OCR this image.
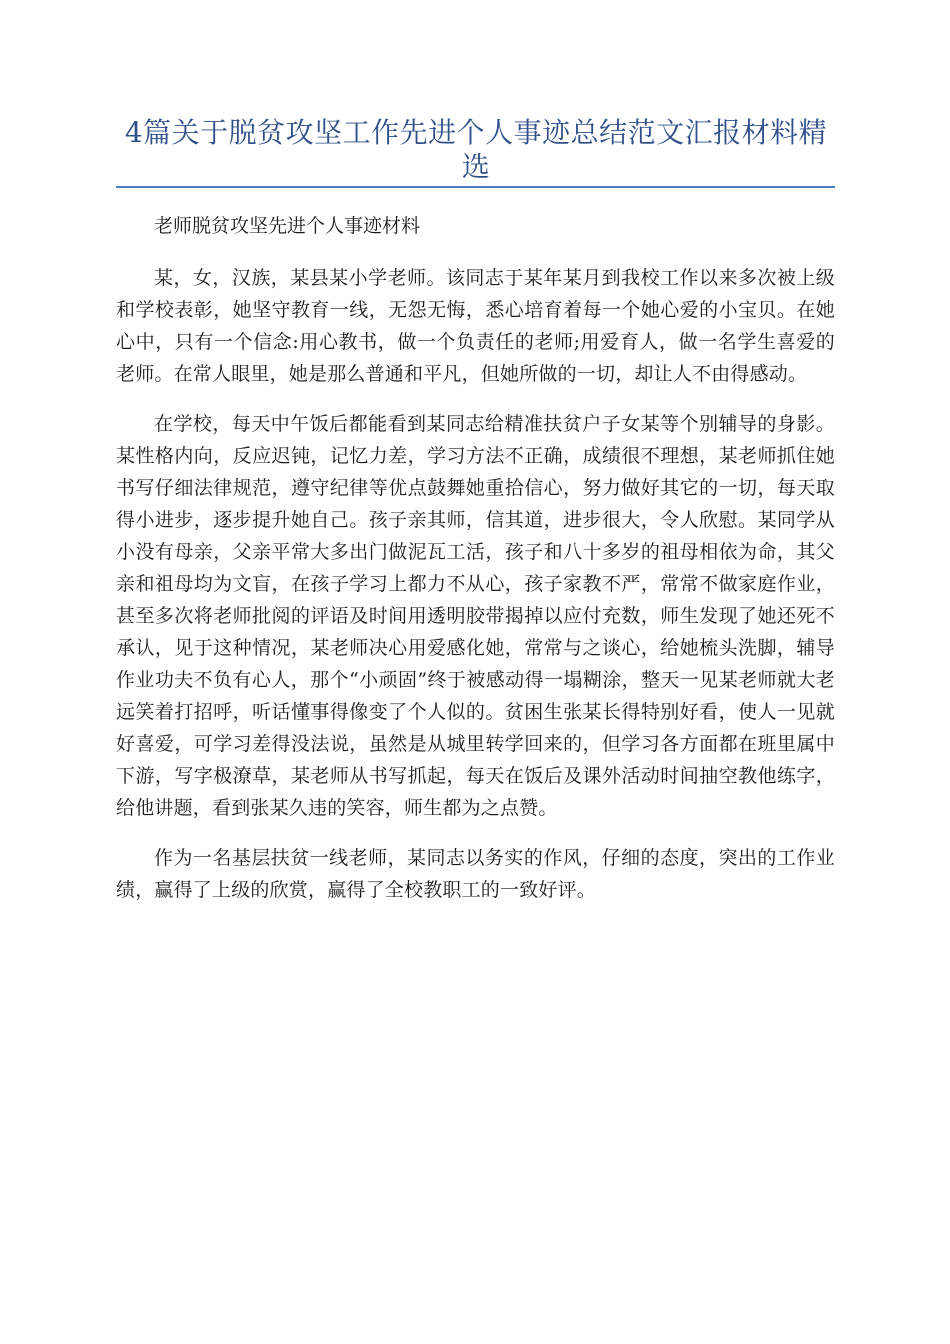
4篇关于脱贫攻坚工作先进个人事迹总结范文汇报材料精选

老师脱贫攻坚先进个人事迹材料

某，女，汉族，某县某小学老师。该同志于某年某月到我校工作以来多次被上级和学校表彰，她坚守教育一线，无怨无悔，悉心培育着每一个她心爱的小宝贝。在她心中，只有一个信念:用心教书，做一个负责任的老师;用爱育人，做一名学生喜爱的老师。在常人眼里，她是那么普通和平凡，但她所做的一切，却让人不由得感动。

在学校，每天中午饭后都能看到某同志给精准扶贫户子女某等个别辅导的身影。某性格内向，反应迟钝，记忆力差，学习方法不正确，成绩很不理想，某老师抓住她书写仔细法律规范，遵守纪律等优点鼓舞她重拾信心，努力做好其它的一切，每天取得小进步，逐步提升她自己。孩子亲其师，信其道，进步很大，令人欣慰。某同学从小没有母亲，父亲平常大多出门做泥瓦工活，孩子和八十多岁的祖母相依为命，其父亲和祖母均为文盲，在孩子学习上都力不从心，孩子家教不严，常常不做家庭作业，甚至多次将老师批阅的评语及时间用透明胶带揭掉以应付充数，师生发现了她还死不承认，见于这种情况，某老师决心用爱感化她，常常与之谈心，给她梳头洗脚，辅导作业功夫不负有心人，那个“小顽固”终于被感动得一塌糊涂，整天一见某老师就大老远笑着打招呼，听话懂事得像变了个人似的。贫困生张某长得特别好看，使人一见就好喜爱，可学习差得没法说，虽然是从城里转学回来的，但学习各方面都在班里属中下游，写字极潦草，某老师从书写抓起，每天在饭后及课外活动时间抽空教他练字，给他讲题，看到张某久违的笑容，师生都为之点赞。

作为一名基层扶贫一线老师，某同志以务实的作风，仔细的态度，突出的工作业绩，赢得了上级的欣赏，赢得了全校教职工的一致好评。
